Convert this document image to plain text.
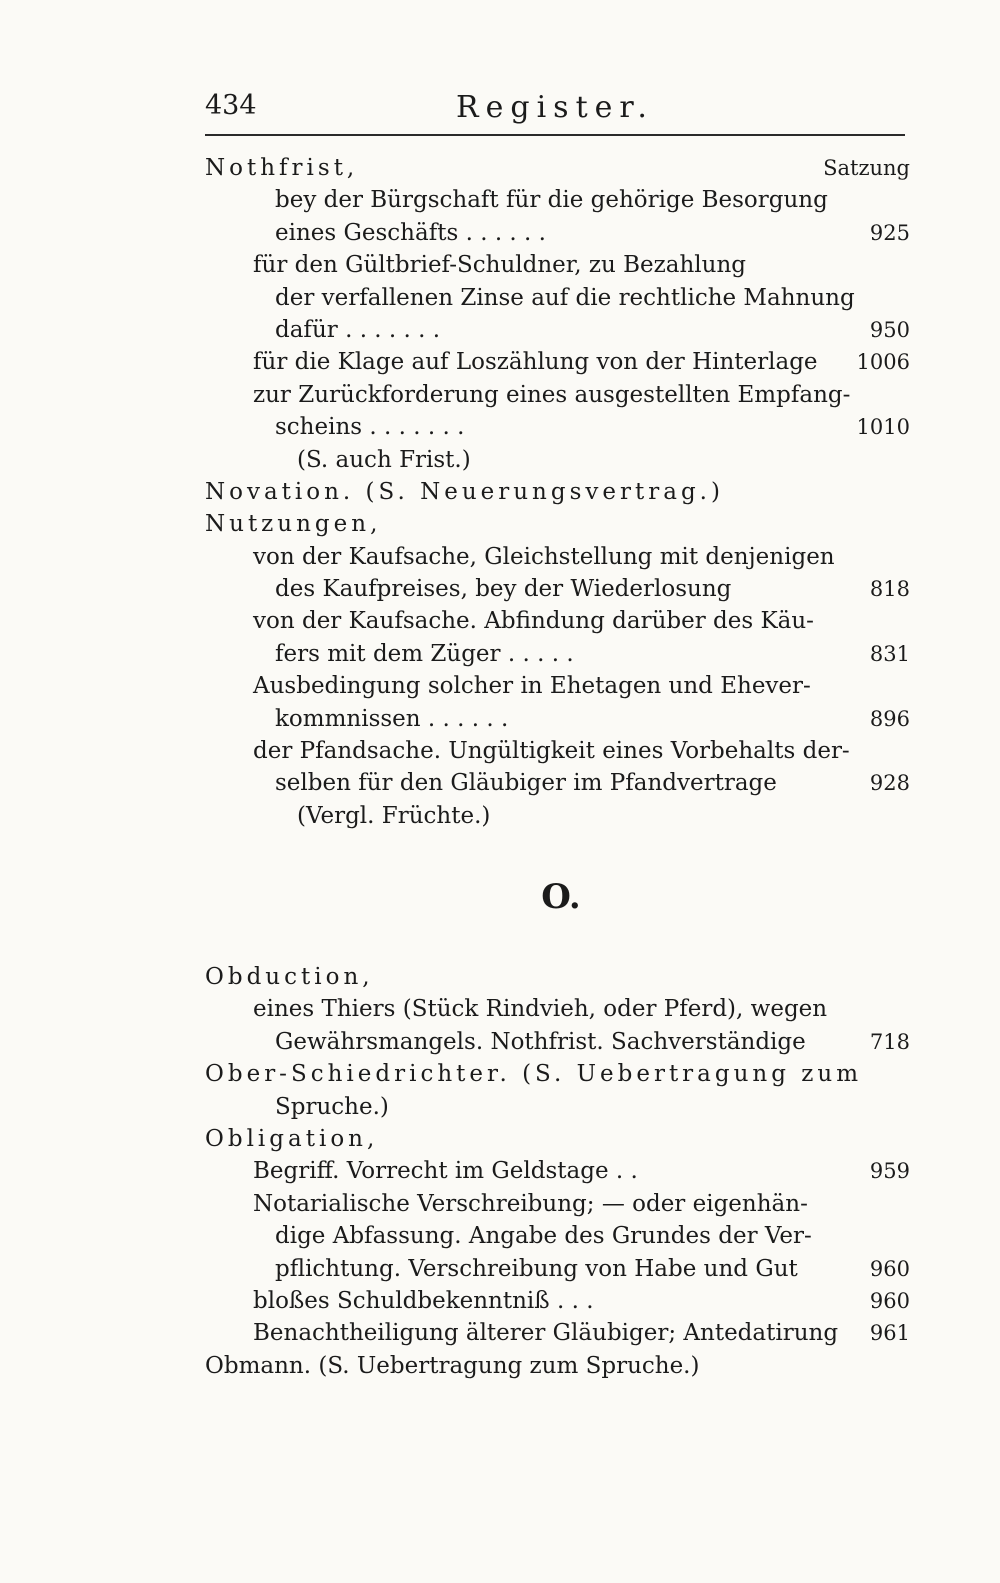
434	Register.
Nothfrist,	Satzung
bey der Bürgschaft für die gehörige Besorgung
eines Geschäfts . . . . . .	925
für den Gültbrief-Schuldner, zu Bezahlung
der verfallenen Zinse auf die rechtliche Mahnung
dafür . . . . . . .	950
für die Klage auf Loszählung von der Hinterlage 1006
zur Zurückforderung eines ausgestellten Empfang-
scheins . . . . . . .	1010
(S. auch Frist.)
Novation. (S. Neuerungsvertrag.)
Nutzungen,
von der Kaufsache, Gleichstellung mit denjenigen
des Kaufpreises, bey der Wiederlosung	818
von der Kaufsache. Abfindung darüber des Käu-
fers mit dem Züger . . . . .	831
Ausbedingung solcher in Ehetagen und Ehever-
kommnissen . . . . . .	896
der Pfandsache. Ungültigkeit eines Vorbehalts der-
selben für den Gläubiger im Pfandvertrage	928
(Vergl. Früchte.)
O.
Obduction,
eines Thiers (Stück Rindvieh, oder Pferd), wegen
Gewährsmangels. Nothfrist. Sachverständige	718
Ober-Schiedrichter. (S. Uebertragung zum
Spruche.)
Obligation,
Begriff. Vorrecht im Geldstage . .	959
Notarialische Verschreibung; — oder eigenhän-
dige Abfassung. Angabe des Grundes der Ver-
pflichtung. Verschreibung von Habe und Gut	960
bloßes Schuldbekenntniß . . .	960
Benachtheiligung älterer Gläubiger; Antedatirung 961
Obmann. (S. Uebertragung zum Spruche.)
